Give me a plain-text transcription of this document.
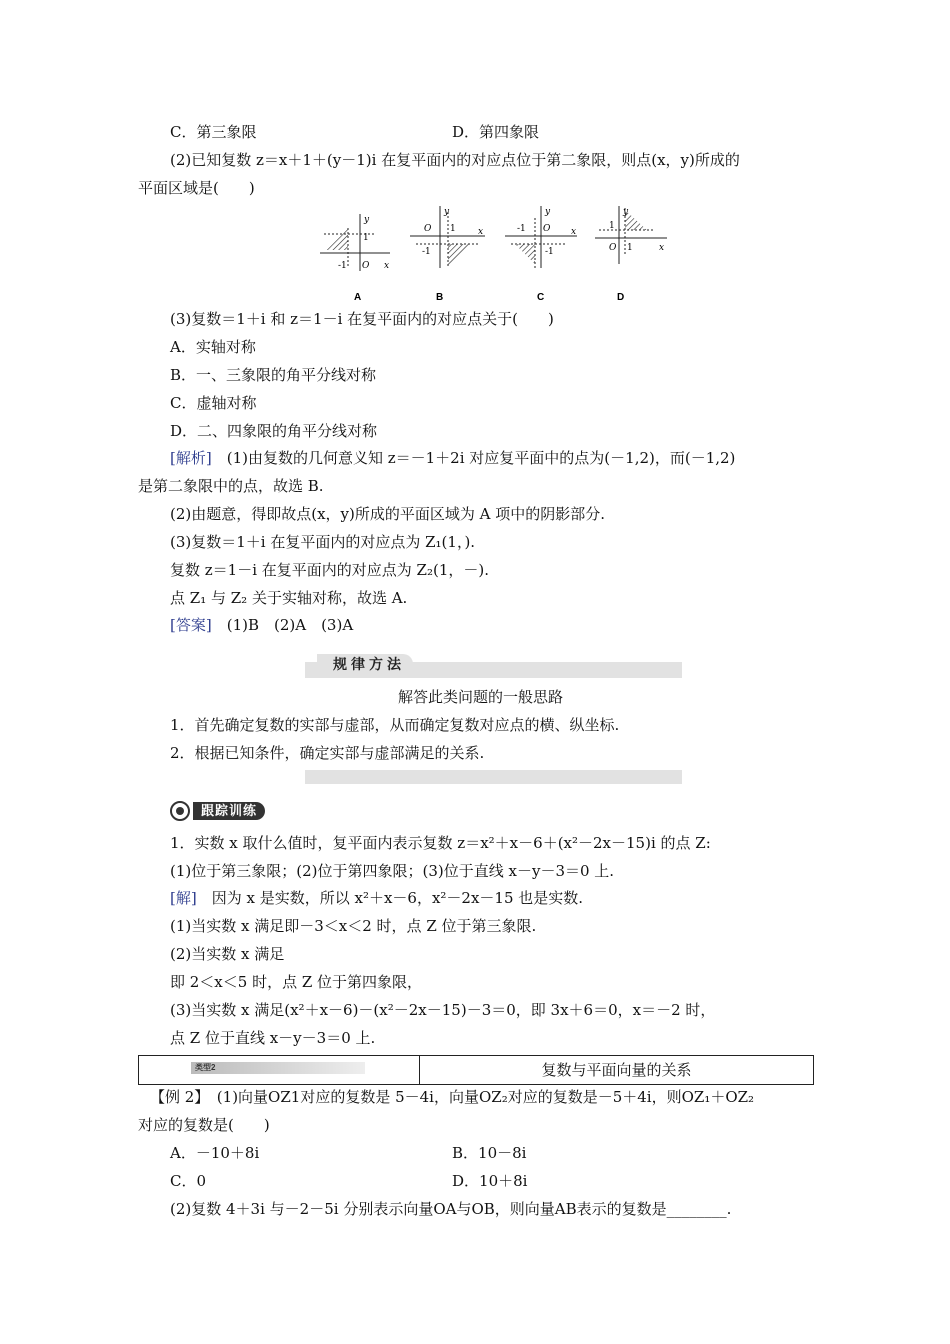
C．第三象限	D．第四象限
(2)已知复数 z＝x＋1＋(y－1)i 在复平面内的对应点位于第二象限，则点(x，y)所成的
平面区域是(　　)
y
1
-1 O x
A
y
O 1
-1
x
B
y
-1 O
-1
x
C
y
1
O 1	x
D
(3)复数＝1＋i 和 z＝1－i 在复平面内的对应点关于(　　)
A．实轴对称
B．一、三象限的角平分线对称
C．虚轴对称
D．二、四象限的角平分线对称
[解析]　(1)由复数的几何意义知 z＝－1＋2i 对应复平面中的点为(－1,2)，而(－1,2)
是第二象限中的点，故选 B.
(2)由题意，得即故点(x，y)所成的平面区域为 A 项中的阴影部分.
(3)复数＝1＋i 在复平面内的对应点为 Z₁(1，).
复数 z＝1－i 在复平面内的对应点为 Z₂(1，－).
点 Z₁ 与 Z₂ 关于实轴对称，故选 A.
[答案]　(1)B　(2)A　(3)A
规律方法
解答此类问题的一般思路
1．首先确定复数的实部与虚部，从而确定复数对应点的横、纵坐标.
2．根据已知条件，确定实部与虚部满足的关系.
跟踪训练
1．实数 x 取什么值时，复平面内表示复数 z＝x²＋x－6＋(x²－2x－15)i 的点 Z:
(1)位于第三象限；(2)位于第四象限；(3)位于直线 x－y－3＝0 上.
[解]　因为 x 是实数，所以 x²＋x－6，x²－2x－15 也是实数.
(1)当实数 x 满足即－3＜x＜2 时，点 Z 位于第三象限.
(2)当实数 x 满足
即 2＜x＜5 时，点 Z 位于第四象限，
(3)当实数 x 满足(x²＋x－6)－(x²－2x－15)－3＝0，即 3x＋6＝0，x＝－2 时，
点 Z 位于直线 x－y－3＝0 上.
类型2	复数与平面向量的关系
【例 2】　(1)向量OZ1对应的复数是 5－4i，向量OZ₂对应的复数是－5＋4i，则OZ₁＋OZ₂
对应的复数是(　　)
A．－10＋8i	B．10－8i
C．0	D．10＋8i
(2)复数 4＋3i 与－2－5i 分别表示向量OA与OB，则向量AB表示的复数是________.
